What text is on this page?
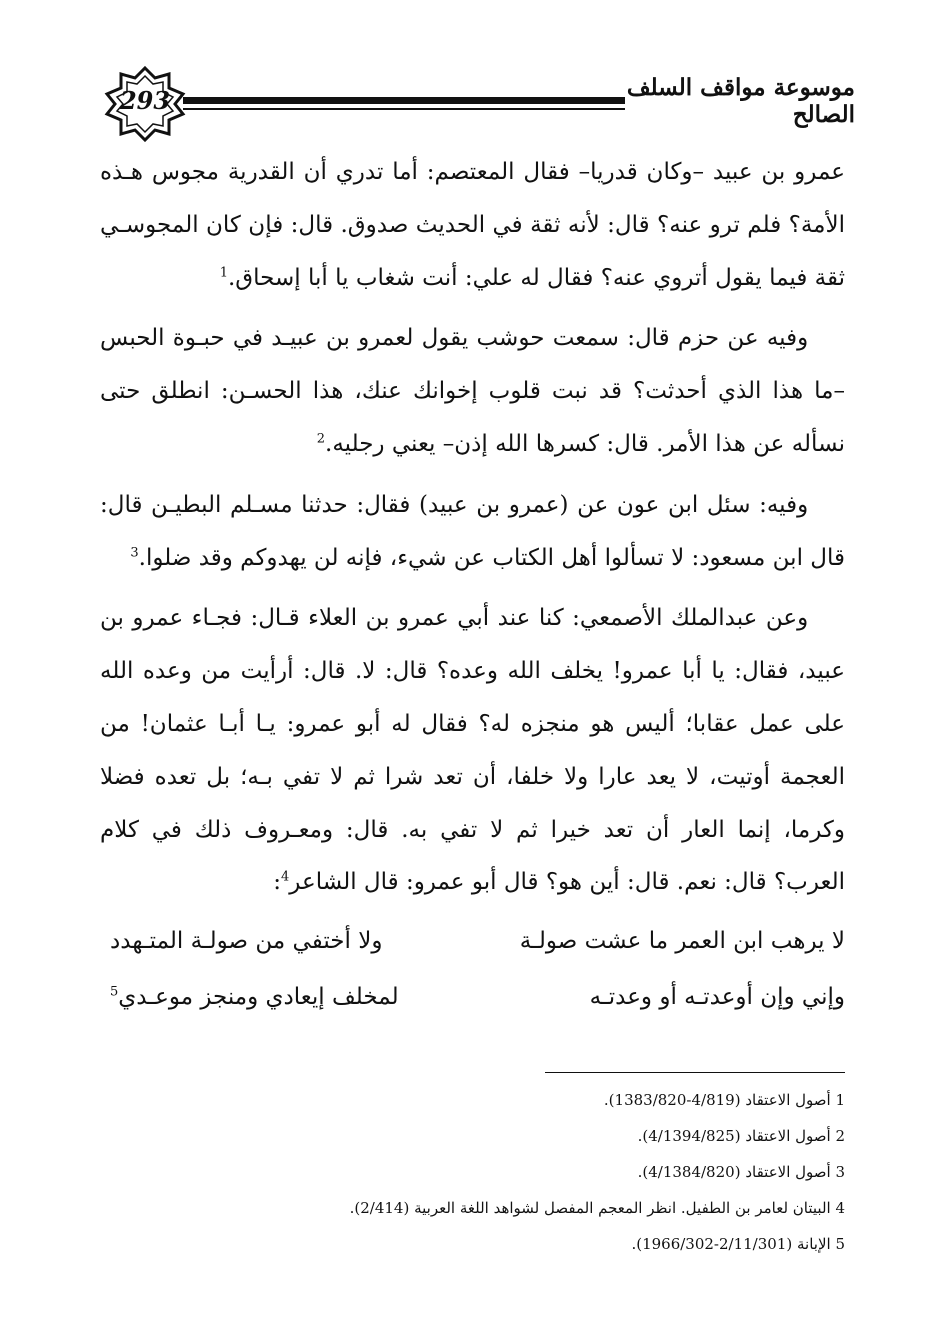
293	موسوعة مواقف السلف الصالح

عمرو بن عبيد –وكان قدريا– فقال المعتصم: أما تدري أن القدرية مجوس هـذه الأمة؟ فلم ترو عنه؟ قال: لأنه ثقة في الحديث صدوق. قال: فإن كان المجوسـي ثقة فيما يقول أتروي عنه؟ فقال له علي: أنت شغاب يا أبا إسحاق.$^1$

وفيه عن حزم قال: سمعت حوشب يقول لعمرو بن عبيـد في حبـوة الحبس –ما هذا الذي أحدثت؟ قد نبت قلوب إخوانك عنك، هذا الحسـن: انطلق حتى نسأله عن هذا الأمر. قال: كسرها الله إذن– يعني رجليه.$^2$

وفيه: سئل ابن عون عن (عمرو بن عبيد) فقال: حدثنا مسـلم البطيـن قال: قال ابن مسعود: لا تسألوا أهل الكتاب عن شيء، فإنه لن يهدوكم وقد ضلوا.$^3$

وعن عبدالملك الأصمعي: كنا عند أبي عمرو بن العلاء قـال: فجـاء عمرو بن عبيد، فقال: يا أبا عمرو! يخلف الله وعده؟ قال: لا. قال: أرأيت من وعده الله على عمل عقابا؛ أليس هو منجزه له؟ فقال له أبو عمرو: يـا أبـا عثمان! من العجمة أوتيت، لا يعد عارا ولا خلفا، أن تعد شرا ثم لا تفي بـه؛ بل تعده فضلا وكرما، إنما العار أن تعد خيرا ثم لا تفي به. قال: ومعـروف ذلك في كلام العرب؟ قال: نعم. قال: أين هو؟ قال أبو عمرو: قال الشاعر$^4$:

لا يرهب ابن العمر ما عشت صولـة
ولا أختفي من صولـة المتـهدد
وإني وإن أوعدتـه أو وعدتـه
لمخلف إيعادي ومنجز موعـدي$^5$

1 أصول الاعتقاد (4/819-1383/820).

2 أصول الاعتقاد (4/1394/825).

3 أصول الاعتقاد (4/1384/820).

4 البيتان لعامر بن الطفيل. انظر المعجم المفصل لشواهد اللغة العربية (2/414).

5 الإبانة (2/11/301-1966/302).
